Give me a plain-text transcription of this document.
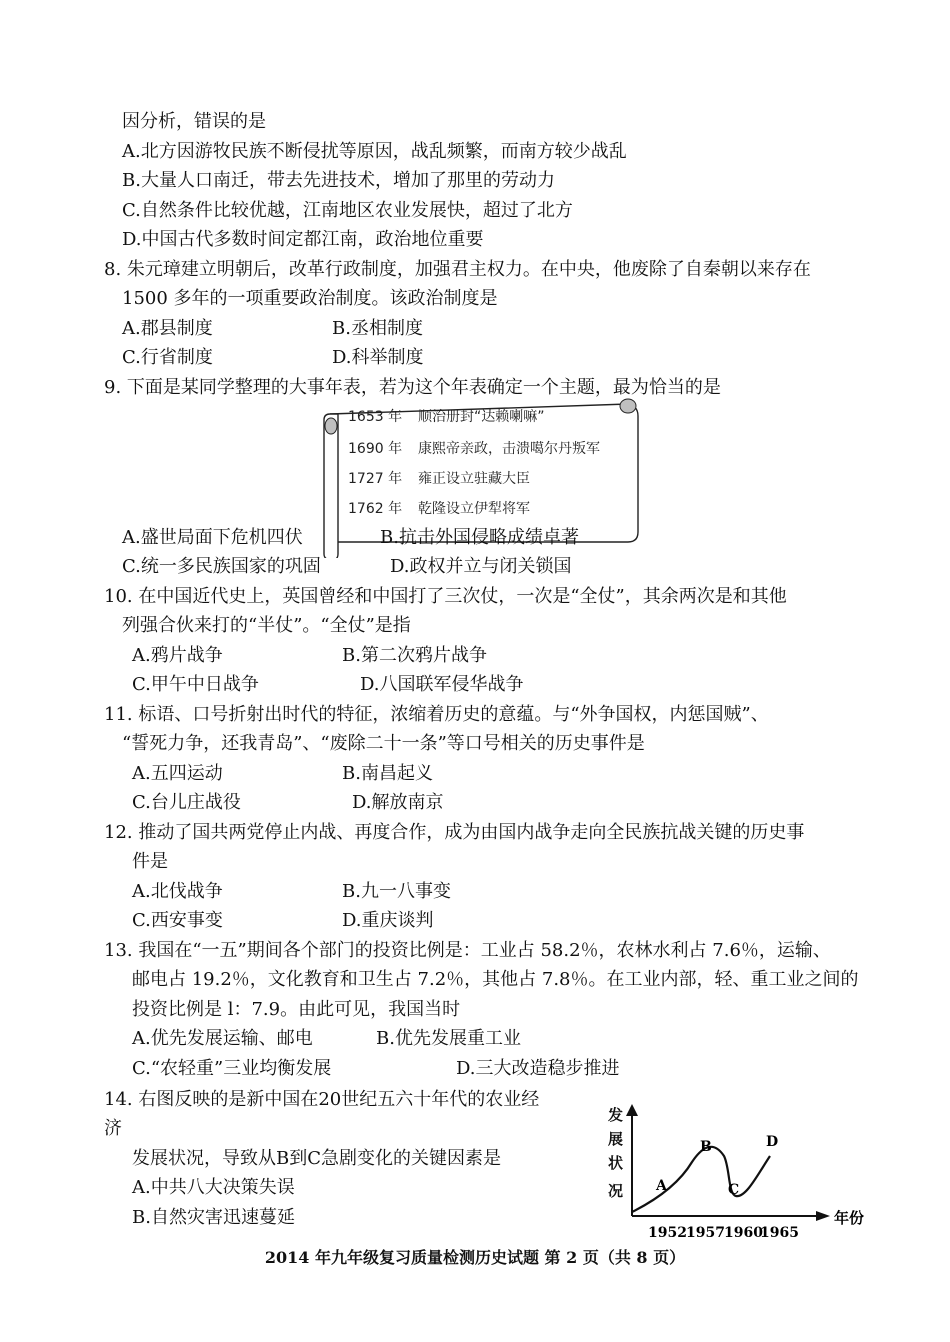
因分析，错误的是
A.北方因游牧民族不断侵扰等原因，战乱频繁，而南方较少战乱
B.大量人口南迁，带去先进技术，增加了那里的劳动力
C.自然条件比较优越，江南地区农业发展快，超过了北方
D.中国古代多数时间定都江南，政治地位重要
8. 朱元璋建立明朝后，改革行政制度，加强君主权力。在中央，他废除了自秦朝以来存在
1500 多年的一项重要政治制度。该政治制度是
A.郡县制度	B.丞相制度
C.行省制度	D.科举制度
9. 下面是某同学整理的大事年表，若为这个年表确定一个主题，最为恰当的是
1653 年 顺治册封“达赖喇嘛”
1690 年 康熙帝亲政，击溃噶尔丹叛军
1727 年 雍正设立驻藏大臣
1762 年 乾隆设立伊犁将军
A.盛世局面下危机四伏	B.抗击外国侵略成绩卓著
C.统一多民族国家的巩固	D.政权并立与闭关锁国
10. 在中国近代史上，英国曾经和中国打了三次仗，一次是“全仗”，其余两次是和其他
列强合伙来打的“半仗”。“全仗”是指
A.鸦片战争	B.第二次鸦片战争
C.甲午中日战争	D.八国联军侵华战争
11. 标语、口号折射出时代的特征，浓缩着历史的意蕴。与“外争国权，内惩国贼”、
“誓死力争，还我青岛”、“废除二十一条”等口号相关的历史事件是
A.五四运动	B.南昌起义
C.台儿庄战役	D.解放南京
12. 推动了国共两党停止内战、再度合作，成为由国内战争走向全民族抗战关键的历史事
件是
A.北伐战争	B.九一八事变
C.西安事变	D.重庆谈判
13. 我国在“一五”期间各个部门的投资比例是：工业占 58.2％，农林水利占 7.6％，运输、
邮电占 19.2％，文化教育和卫生占 7.2％，其他占 7.8％。在工业内部，轻、重工业之间的
投资比例是 l：7.9。由此可见，我国当时
A.优先发展运输、邮电	B.优先发展重工业
C.“农轻重”三业均衡发展	D.三大改造稳步推进
14. 右图反映的是新中国在20世纪五六十年代的农业经
济
发展状况，导致从B到C急剧变化的关键因素是
A.中共八大决策失误
B.自然灾害迅速蔓延
发
展
状
况
年份
A
B
C
D
1952 1957 1960
1965
2014 年九年级复习质量检测历史试题 第 2 页（共 8 页）
